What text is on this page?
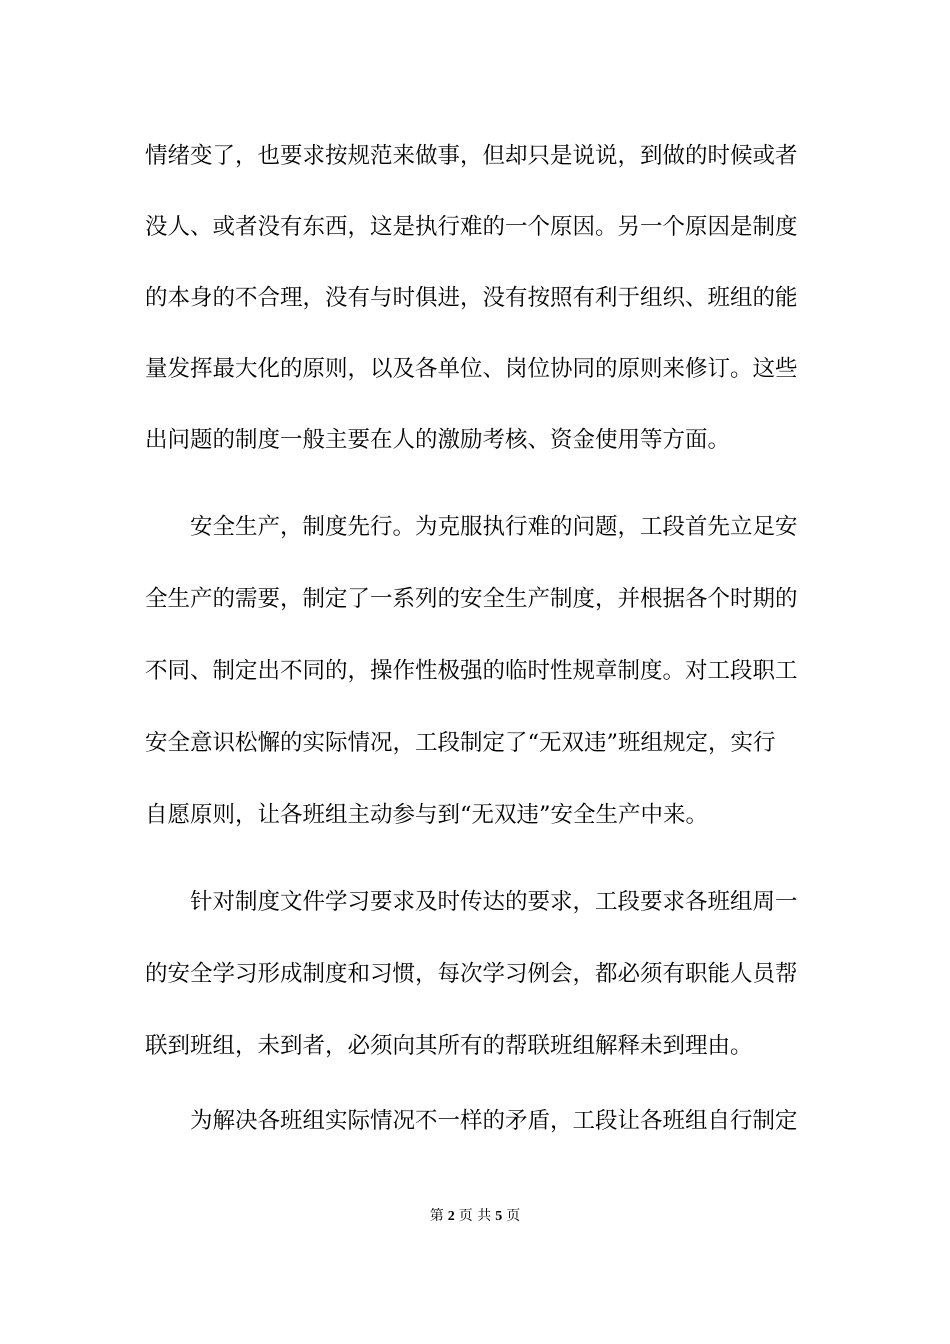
情绪变了，也要求按规范来做事，但却只是说说，到做的时候或者
没人、或者没有东西，这是执行难的一个原因。另一个原因是制度
的本身的不合理，没有与时俱进，没有按照有利于组织、班组的能
量发挥最大化的原则，以及各单位、岗位协同的原则来修订。这些
出问题的制度一般主要在人的激励考核、资金使用等方面。
安全生产，制度先行。为克服执行难的问题，工段首先立足安
全生产的需要，制定了一系列的安全生产制度，并根据各个时期的
不同、制定出不同的，操作性极强的临时性规章制度。对工段职工
安全意识松懈的实际情况，工段制定了“无双违”班组规定，实行
自愿原则，让各班组主动参与到“无双违”安全生产中来。
针对制度文件学习要求及时传达的要求，工段要求各班组周一
的安全学习形成制度和习惯，每次学习例会，都必须有职能人员帮
联到班组，未到者，必须向其所有的帮联班组解释未到理由。
为解决各班组实际情况不一样的矛盾，工段让各班组自行制定
第 2 页 共 5 页
